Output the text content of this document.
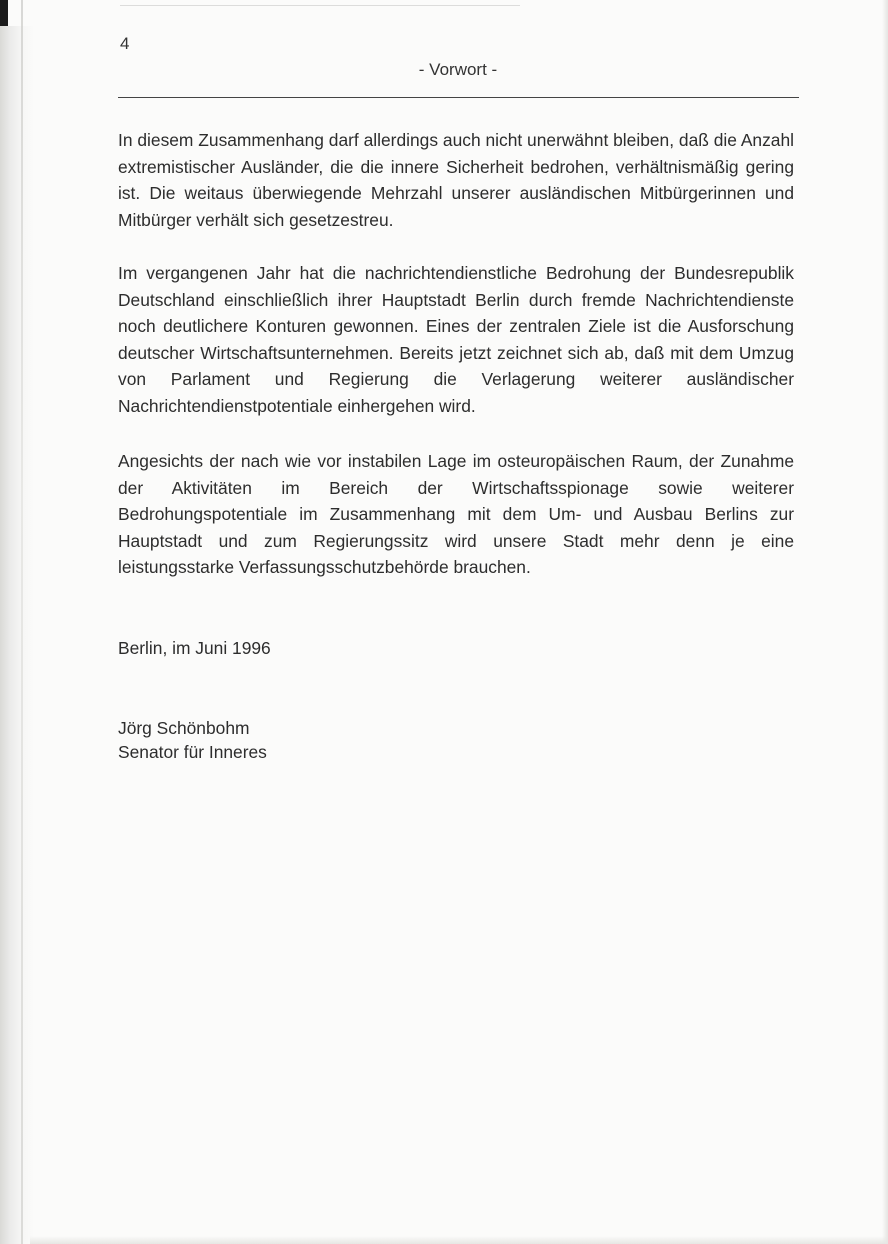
4
- Vorwort -

In diesem Zusammenhang darf allerdings auch nicht unerwähnt bleiben, daß die Anzahl extremistischer Ausländer, die die innere Sicherheit bedrohen, verhältnismäßig gering ist. Die weitaus überwiegende Mehrzahl unserer ausländischen Mitbürgerinnen und Mitbürger verhält sich gesetzestreu.

Im vergangenen Jahr hat die nachrichtendienstliche Bedrohung der Bundesrepublik Deutschland einschließlich ihrer Hauptstadt Berlin durch fremde Nachrichtendienste noch deutlichere Konturen gewonnen. Eines der zentralen Ziele ist die Ausforschung deutscher Wirtschaftsunternehmen. Bereits jetzt zeichnet sich ab, daß mit dem Umzug von Parlament und Regierung die Verlagerung weiterer ausländischer Nachrichtendienstpotentiale einhergehen wird.

Angesichts der nach wie vor instabilen Lage im osteuropäischen Raum, der Zunahme der Aktivitäten im Bereich der Wirtschaftsspionage sowie weiterer Bedrohungspotentiale im Zusammenhang mit dem Um- und Ausbau Berlins zur Hauptstadt und zum Regierungssitz wird unsere Stadt mehr denn je eine leistungsstarke Verfassungsschutzbehörde brauchen.

Berlin, im Juni 1996
Jörg Schönbohm
Senator für Inneres
